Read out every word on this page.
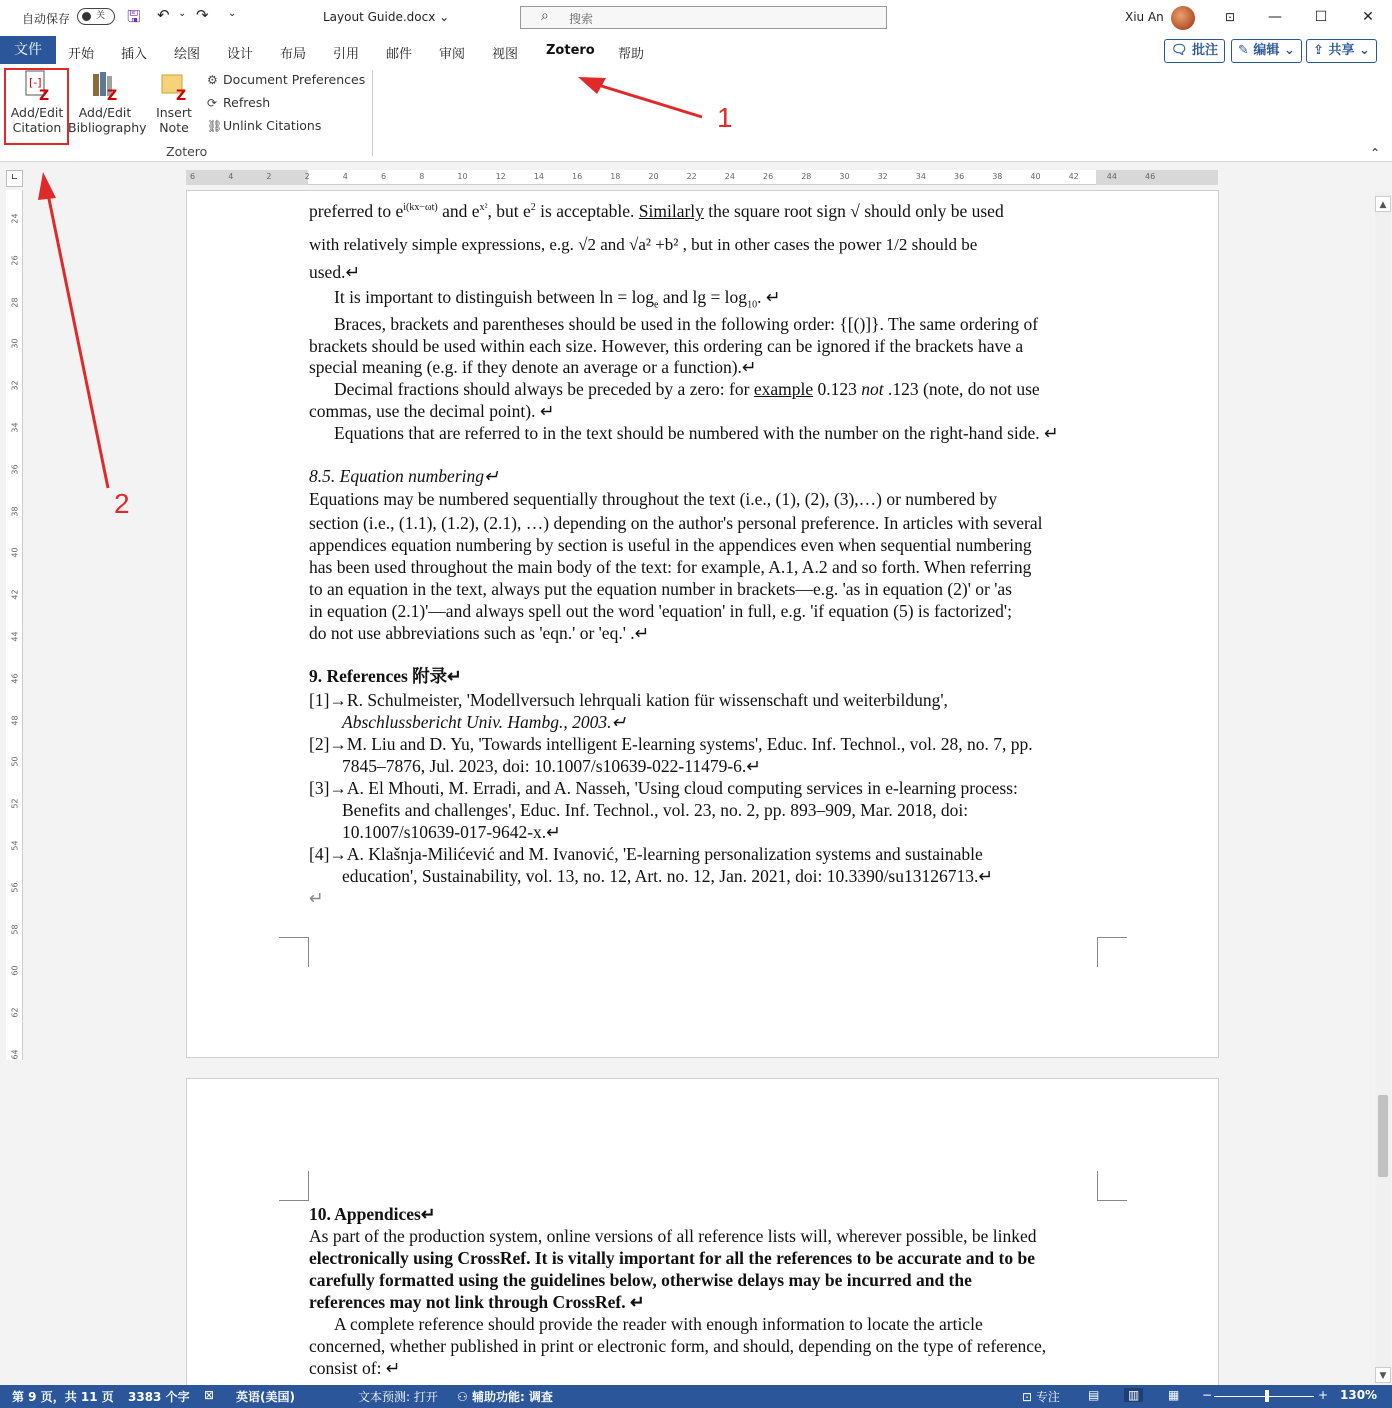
自动保存	关	🖫 ↶ ⌄ ↷ ⌄	Layout Guide.docx ⌄	⌕ 搜索	Xiu An	⊡	—	☐	✕
文件	开始 插入 绘图 设计 布局 引用 邮件 审阅 视图 Zotero 帮助	🗨 批注	✎ 编辑 ⌄	⇪ 共享 ⌄
[-]
Z
Add/Edit
Citation
Z
Add/Edit
Bibliography
Z
Insert
Note
⚙ Document Preferences
⟳ Refresh
⛓Unlink Citations
Zotero	⌃
∟	6	4	2	2	4	6	8	10	12	14	16	18	20	22	24	26	28	30	32	34	36	38	40	42	44	46
24
26
28
30
32
34
36
38
40
42
44
46
48
50
52
54
56
58
60
62
64
preferred to $e^{i(kx-\omega t)}$ and $e^{x^2}$, but $e^2$ is acceptable. Similarly the square root sign √ should only be used
with relatively simple expressions, e.g. √2 and √a² +b² , but in other cases the power 1/2 should be
used.↵
It is important to distinguish between $\ln = \log_e$ and $\lg = \log_{10}$. ↵
Braces, brackets and parentheses should be used in the following order: {[()]}. The same ordering of
brackets should be used within each size. However, this ordering can be ignored if the brackets have a
special meaning (e.g. if they denote an average or a function).↵
Decimal fractions should always be preceded by a zero: for example 0.123 not .123 (note, do not use
commas, use the decimal point). ↵
Equations that are referred to in the text should be numbered with the number on the right-hand side. ↵
8.5. Equation numbering↵
Equations may be numbered sequentially throughout the text (i.e., (1), (2), (3),…) or numbered by
section (i.e., (1.1), (1.2), (2.1), …) depending on the author's personal preference. In articles with several
appendices equation numbering by section is useful in the appendices even when sequential numbering
has been used throughout the main body of the text: for example, A.1, A.2 and so forth. When referring
to an equation in the text, always put the equation number in brackets—e.g. 'as in equation (2)' or 'as
in equation (2.1)'—and always spell out the word 'equation' in full, e.g. 'if equation (5) is factorized';
do not use abbreviations such as 'eqn.' or 'eq.' .↵
9. References 附录↵
[1]→R. Schulmeister, 'Modellversuch lehrquali kation für wissenschaft und weiterbildung',
Abschlussbericht Univ. Hambg., 2003.↵
[2]→M. Liu and D. Yu, 'Towards intelligent E-learning systems', Educ. Inf. Technol., vol. 28, no. 7, pp.
7845–7876, Jul. 2023, doi: 10.1007/s10639-022-11479-6.↵
[3]→A. El Mhouti, M. Erradi, and A. Nasseh, 'Using cloud computing services in e-learning process:
Benefits and challenges', Educ. Inf. Technol., vol. 23, no. 2, pp. 893–909, Mar. 2018, doi:
10.1007/s10639-017-9642-x.↵
[4]→A. Klašnja-Milićević and M. Ivanović, 'E-learning personalization systems and sustainable
education', Sustainability, vol. 13, no. 12, Art. no. 12, Jan. 2021, doi: 10.3390/su13126713.↵
↵
10. Appendices↵
As part of the production system, online versions of all reference lists will, wherever possible, be linked
electronically using CrossRef. It is vitally important for all the references to be accurate and to be
carefully formatted using the guidelines below, otherwise delays may be incurred and the
references may not link through CrossRef. ↵
A complete reference should provide the reader with enough information to locate the article
concerned, whether published in print or electronic form, and should, depending on the type of reference,
consist of: ↵
▲
▼
1
2
第 9 页，共 11 页 3383 个字 ⊠ 英语(美国)	文本预测: 打开 ⚇ 辅助功能: 调查	⊡ 专注 ▤	▥	▦ −	+ 130%
